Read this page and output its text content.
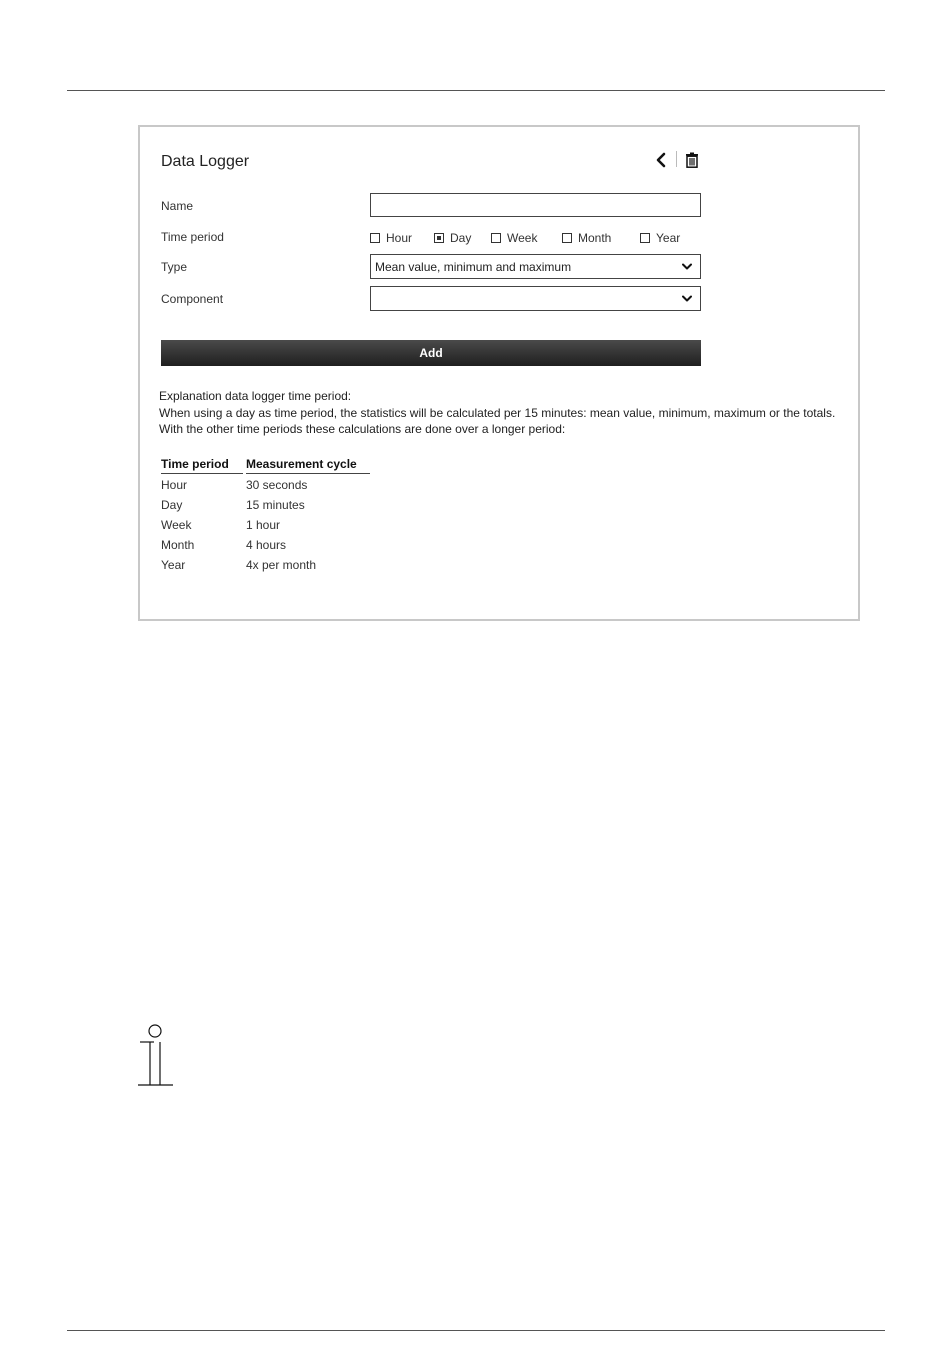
Data Logger
Name
Time period	Hour	Day	Week	Month	Year
Type	Mean value, minimum and maximum
Component
Add
Explanation data logger time period:
When using a day as time period, the statistics will be calculated per 15 minutes: mean value, minimum, maximum or the totals.
With the other time periods these calculations are done over a longer period:
Time period	Measurement cycle
Hour	30 seconds
Day	15 minutes
Week	1 hour
Month	4 hours
Year	4x per month
